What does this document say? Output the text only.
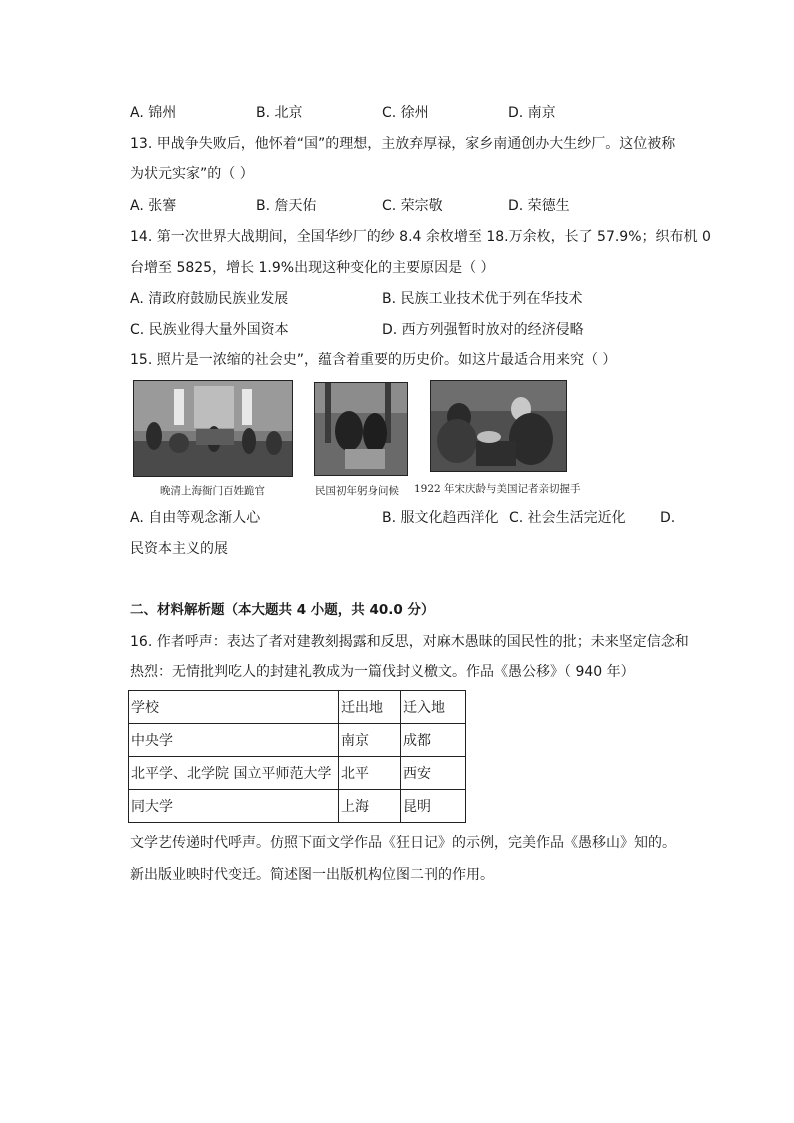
A. 锦州	B. 北京	C. 徐州	D. 南京
13. 甲战争失败后，他怀着“国”的理想，主放弃厚禄，家乡南通创办大生纱厂。这位被称
为状元实家”的（ ）
A. 张謇	B. 詹天佑	C. 荣宗敬	D. 荣德生
14. 第一次世界大战期间，全国华纱厂的纱 8.4 余枚增至 18.万余枚，长了 57.9%；织布机 0
台增至 5825，增长 1.9%出现这种变化的主要原因是（ ）
A. 清政府鼓励民族业发展	B. 民族工业技术优于列在华技术
C. 民族业得大量外国资本	D. 西方列强暂时放对的经济侵略
15. 照片是一浓缩的社会史”，蕴含着重要的历史价。如这片最适合用来究（ ）
晚清上海衙门百姓跪官	民国初年躬身问候 1922 年宋庆龄与美国记者亲切握手
A. 自由等观念渐人心	B. 服文化趋西洋化 C. 社会生活完近化 D.
民资本主义的展
二、材料解析题（本大题共 4 小题，共 40.0 分）
16. 作者呼声：表达了者对建教刻揭露和反思，对麻木愚昧的国民性的批；未来坚定信念和
热烈：无情批判吃人的封建礼教成为一篇伐封义檄文。作品《愚公移》（ 940 年）
学校	迁出地	迁入地
中央学	南京	成都
北平学、北学院 国立平师范大学	北平	西安
同大学	上海	昆明
文学艺传递时代呼声。仿照下面文学作品《狂日记》的示例，完美作品《愚移山》知的。
新出版业映时代变迁。简述图一出版机构位图二刊的作用。
